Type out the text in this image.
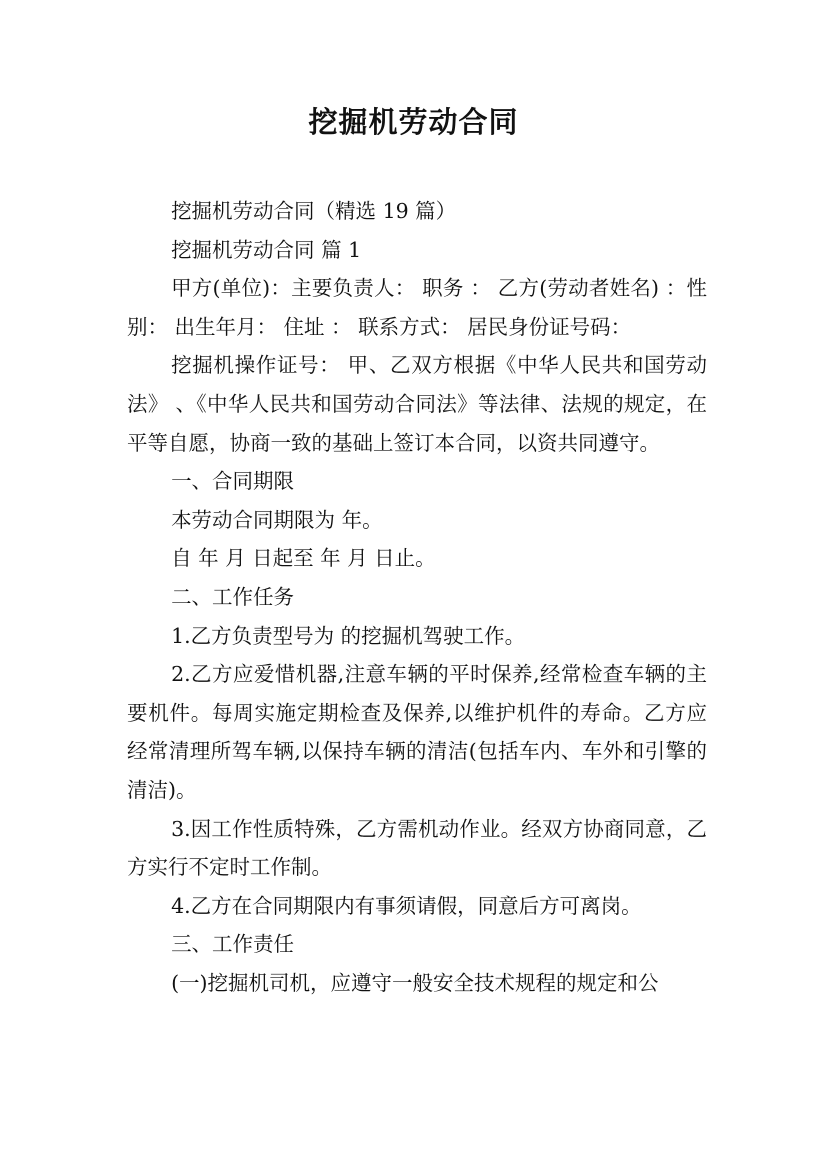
挖掘机劳动合同

挖掘机劳动合同（精选 19 篇）

挖掘机劳动合同 篇 1

甲方(单位)：主要负责人： 职务 ： 乙方(劳动者姓名) ：性别： 出生年月： 住址 ： 联系方式： 居民身份证号码：

挖掘机操作证号： 甲、乙双方根据《中华人民共和国劳动法》 、《中华人民共和国劳动合同法》等法律、法规的规定，在平等自愿，协商一致的基础上签订本合同，以资共同遵守。

一、合同期限

本劳动合同期限为 年。

自 年 月 日起至 年 月 日止。

二、工作任务

1.乙方负责型号为 的挖掘机驾驶工作。

2.乙方应爱惜机器,注意车辆的平时保养,经常检查车辆的主要机件。每周实施定期检查及保养,以维护机件的寿命。乙方应经常清理所驾车辆,以保持车辆的清洁(包括车内、车外和引擎的清洁)。

3.因工作性质特殊，乙方需机动作业。经双方协商同意，乙方实行不定时工作制。

4.乙方在合同期限内有事须请假，同意后方可离岗。

三、工作责任

(一)挖掘机司机，应遵守一般安全技术规程的规定和公
